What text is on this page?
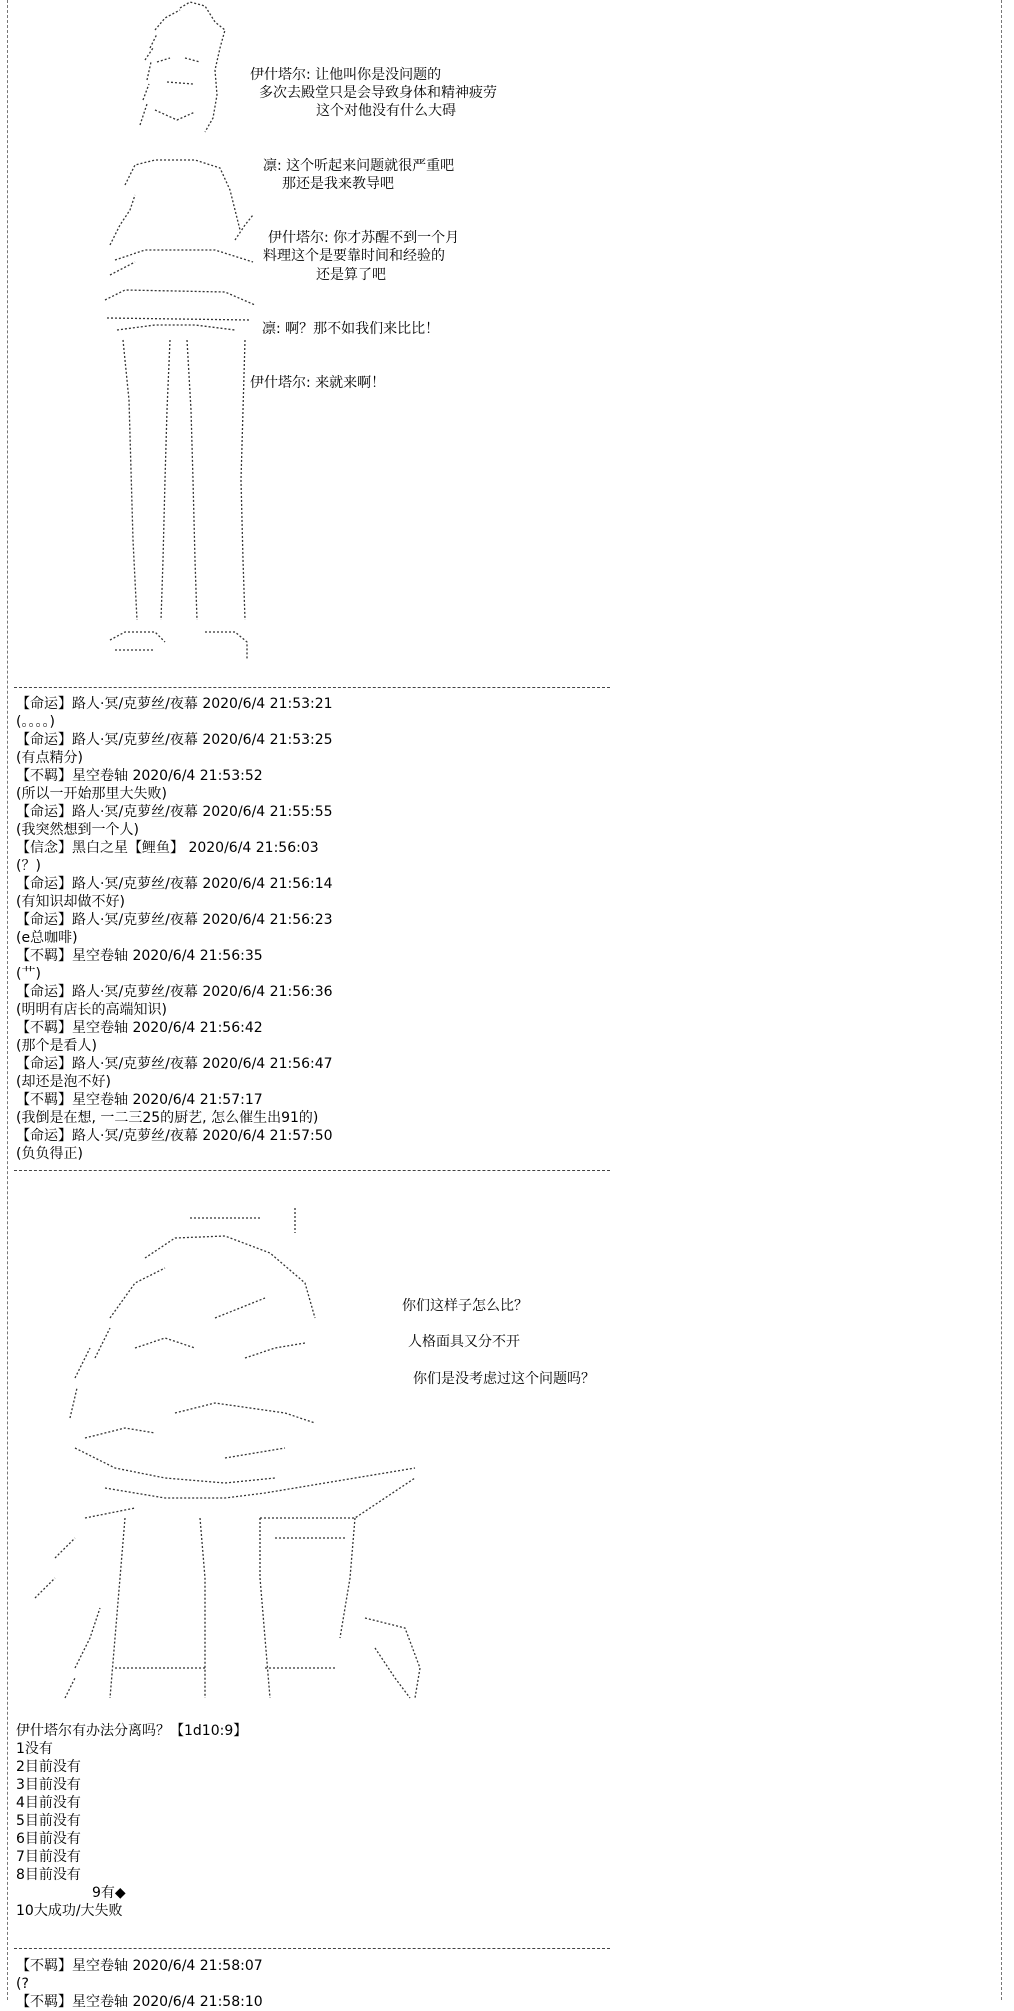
伊什塔尔: 让他叫你是没问题的
多次去殿堂只是会导致身体和精神疲劳
这个对他没有什么大碍
凛: 这个听起来问题就很严重吧
那还是我来教导吧
伊什塔尔: 你才苏醒不到一个月
料理这个是要靠时间和经验的
还是算了吧
凛: 啊？那不如我们来比比！
伊什塔尔: 来就来啊！
【命运】路人·冥/克萝丝/夜幕 2020/6/4 21:53:21
(。。。。)
【命运】路人·冥/克萝丝/夜幕 2020/6/4 21:53:25
(有点精分)
【不羁】星空卷轴 2020/6/4 21:53:52
(所以一开始那里大失败)
【命运】路人·冥/克萝丝/夜幕 2020/6/4 21:55:55
(我突然想到一个人)
【信念】黑白之星【鲤鱼】 2020/6/4 21:56:03
(？)
【命运】路人·冥/克萝丝/夜幕 2020/6/4 21:56:14
(有知识却做不好)
【命运】路人·冥/克萝丝/夜幕 2020/6/4 21:56:23
(e总咖啡)
【不羁】星空卷轴 2020/6/4 21:56:35
(艹)
【命运】路人·冥/克萝丝/夜幕 2020/6/4 21:56:36
(明明有店长的高端知识)
【不羁】星空卷轴 2020/6/4 21:56:42
(那个是看人)
【命运】路人·冥/克萝丝/夜幕 2020/6/4 21:56:47
(却还是泡不好)
【不羁】星空卷轴 2020/6/4 21:57:17
(我倒是在想, 一二三25的厨艺, 怎么催生出91的)
【命运】路人·冥/克萝丝/夜幕 2020/6/4 21:57:50
(负负得正)
你们这样子怎么比？
人格面具又分不开
你们是没考虑过这个问题吗？
伊什塔尔有办法分离吗？【1d10:9】
1没有
2目前没有
3目前没有
4目前没有
5目前没有
6目前没有
7目前没有
8目前没有
9有◆
10大成功/大失败
【不羁】星空卷轴 2020/6/4 21:58:07
(?
【不羁】星空卷轴 2020/6/4 21:58:10
